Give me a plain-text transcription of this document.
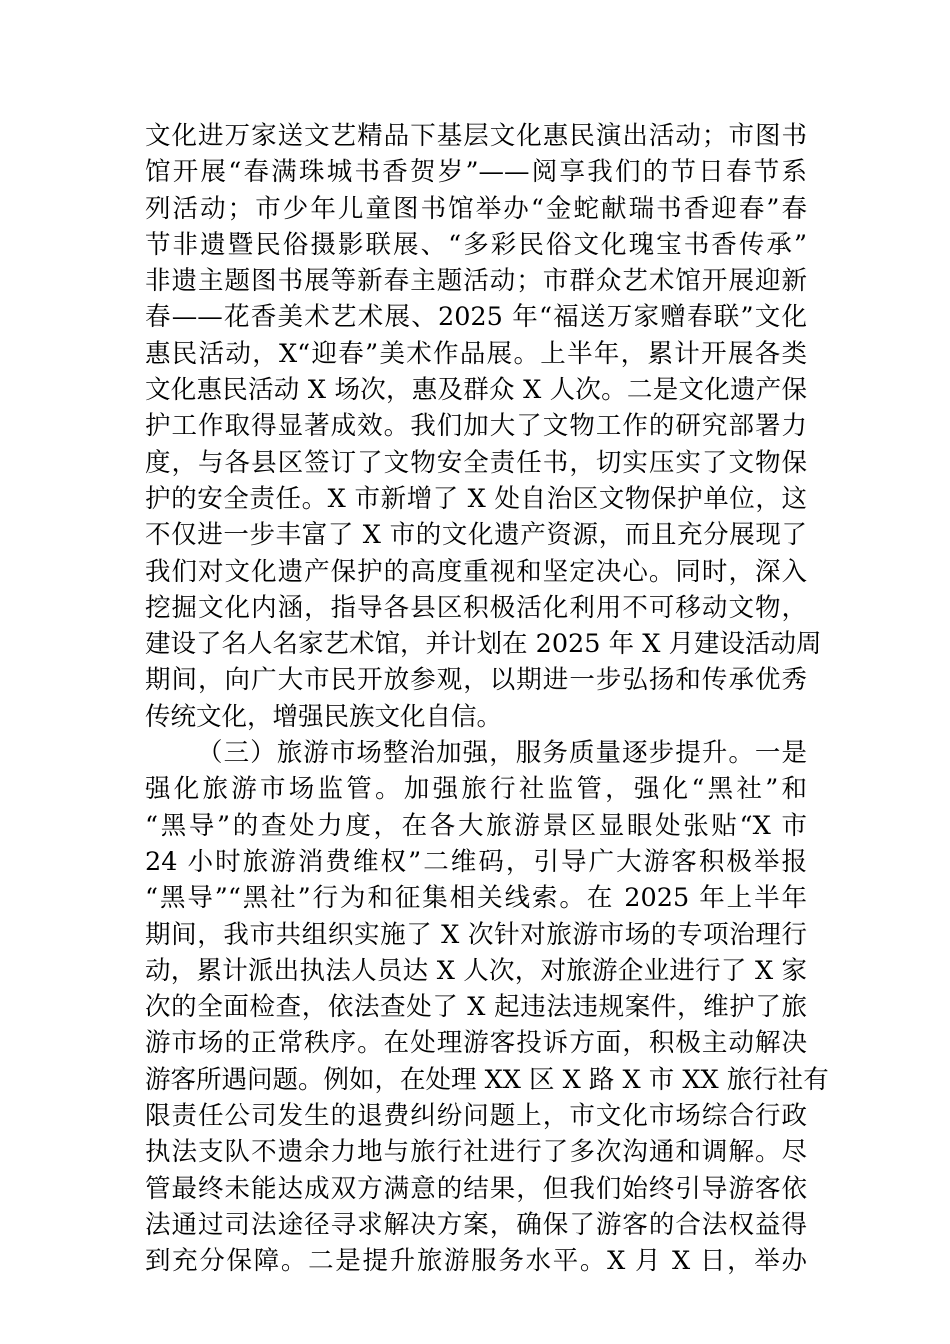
文化进万家送文艺精品下基层文化惠民演出活动；市图书
馆开展“春满珠城书香贺岁”——阅享我们的节日春节系
列活动；市少年儿童图书馆举办“金蛇献瑞书香迎春”春
节非遗暨民俗摄影联展、“多彩民俗文化瑰宝书香传承”
非遗主题图书展等新春主题活动；市群众艺术馆开展迎新
春——花香美术艺术展、2025 年“福送万家赠春联”文化
惠民活动，X“迎春”美术作品展。上半年，累计开展各类
文化惠民活动 X 场次，惠及群众 X 人次。二是文化遗产保
护工作取得显著成效。我们加大了文物工作的研究部署力
度，与各县区签订了文物安全责任书，切实压实了文物保
护的安全责任。X 市新增了 X 处自治区文物保护单位，这
不仅进一步丰富了 X 市的文化遗产资源，而且充分展现了
我们对文化遗产保护的高度重视和坚定决心。同时，深入
挖掘文化内涵，指导各县区积极活化利用不可移动文物，
建设了名人名家艺术馆，并计划在 2025 年 X 月建设活动周
期间，向广大市民开放参观，以期进一步弘扬和传承优秀
传统文化，增强民族文化自信。
（三）旅游市场整治加强，服务质量逐步提升。一是
强化旅游市场监管。加强旅行社监管，强化“黑社”和
“黑导”的查处力度，在各大旅游景区显眼处张贴“X 市
24 小时旅游消费维权”二维码，引导广大游客积极举报
“黑导”“黑社”行为和征集相关线索。在 2025 年上半年
期间，我市共组织实施了 X 次针对旅游市场的专项治理行
动，累计派出执法人员达 X 人次，对旅游企业进行了 X 家
次的全面检查，依法查处了 X 起违法违规案件，维护了旅
游市场的正常秩序。在处理游客投诉方面，积极主动解决
游客所遇问题。例如，在处理 XX 区 X 路 X 市 XX 旅行社有
限责任公司发生的退费纠纷问题上，市文化市场综合行政
执法支队不遗余力地与旅行社进行了多次沟通和调解。尽
管最终未能达成双方满意的结果，但我们始终引导游客依
法通过司法途径寻求解决方案，确保了游客的合法权益得
到充分保障。二是提升旅游服务水平。X 月 X 日，举办
